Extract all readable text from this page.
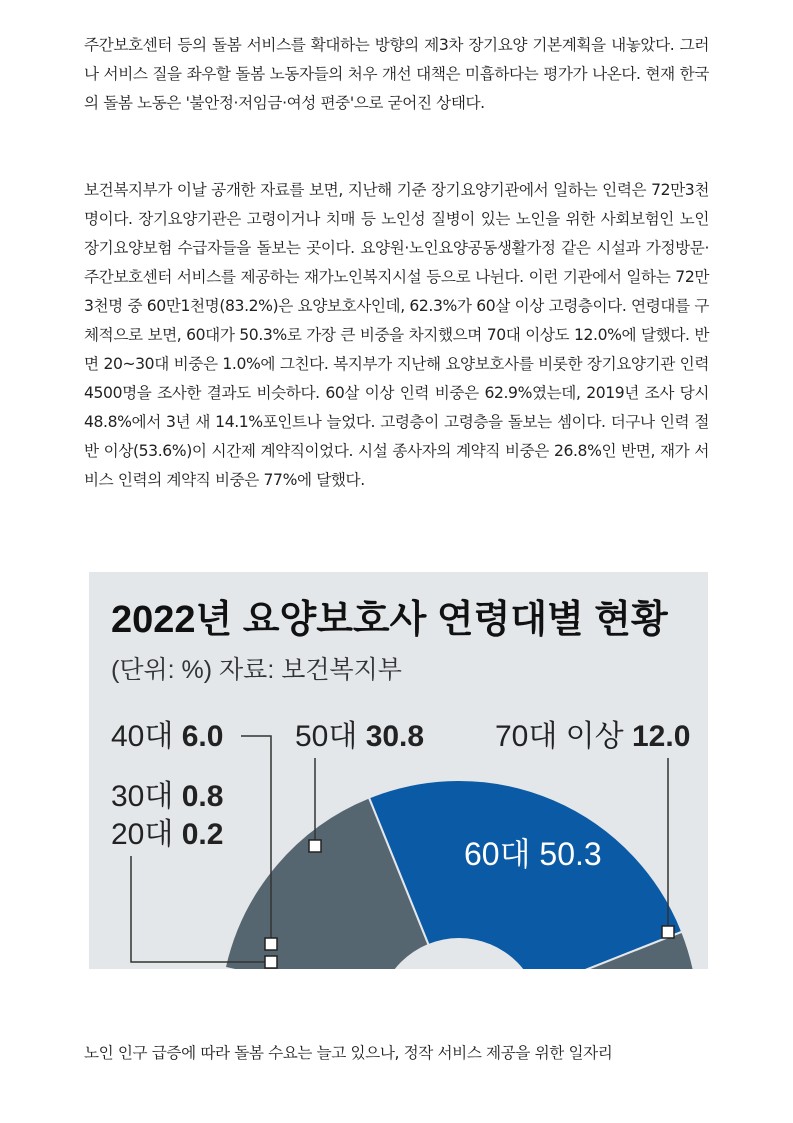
주간보호센터 등의 돌봄 서비스를 확대하는 방향의 제3차 장기요양 기본계획을 내놓았다. 그러나 서비스 질을 좌우할 돌봄 노동자들의 처우 개선 대책은 미흡하다는 평가가 나온다. 현재 한국의 돌봄 노동은 '불안정·저임금·여성 편중'으로 굳어진 상태다.

보건복지부가 이날 공개한 자료를 보면, 지난해 기준 장기요양기관에서 일하는 인력은 72만3천명이다. 장기요양기관은 고령이거나 치매 등 노인성 질병이 있는 노인을 위한 사회보험인 노인장기요양보험 수급자들을 돌보는 곳이다. 요양원·노인요양공동생활가정 같은 시설과 가정방문·주간보호센터 서비스를 제공하는 재가노인복지시설 등으로 나뉜다. 이런 기관에서 일하는 72만3천명 중 60만1천명(83.2%)은 요양보호사인데, 62.3%가 60살 이상 고령층이다. 연령대를 구체적으로 보면, 60대가 50.3%로 가장 큰 비중을 차지했으며 70대 이상도 12.0%에 달했다. 반면 20~30대 비중은 1.0%에 그친다. 복지부가 지난해 요양보호사를 비롯한 장기요양기관 인력 4500명을 조사한 결과도 비슷하다. 60살 이상 인력 비중은 62.9%였는데, 2019년 조사 당시 48.8%에서 3년 새 14.1%포인트나 늘었다. 고령층이 고령층을 돌보는 셈이다. 더구나 인력 절반 이상(53.6%)이 시간제 계약직이었다. 시설 종사자의 계약직 비중은 26.8%인 반면, 재가 서비스 인력의 계약직 비중은 77%에 달했다.

2022년 요양보호사 연령대별 현황
(단위: %) 자료: 보건복지부
40대 6.0 50대 30.8 70대 이상 12.0
30대 0.8
20대 0.2
60대 50.3

노인 인구 급증에 따라 돌봄 수요는 늘고 있으나, 정작 서비스 제공을 위한 일자리
